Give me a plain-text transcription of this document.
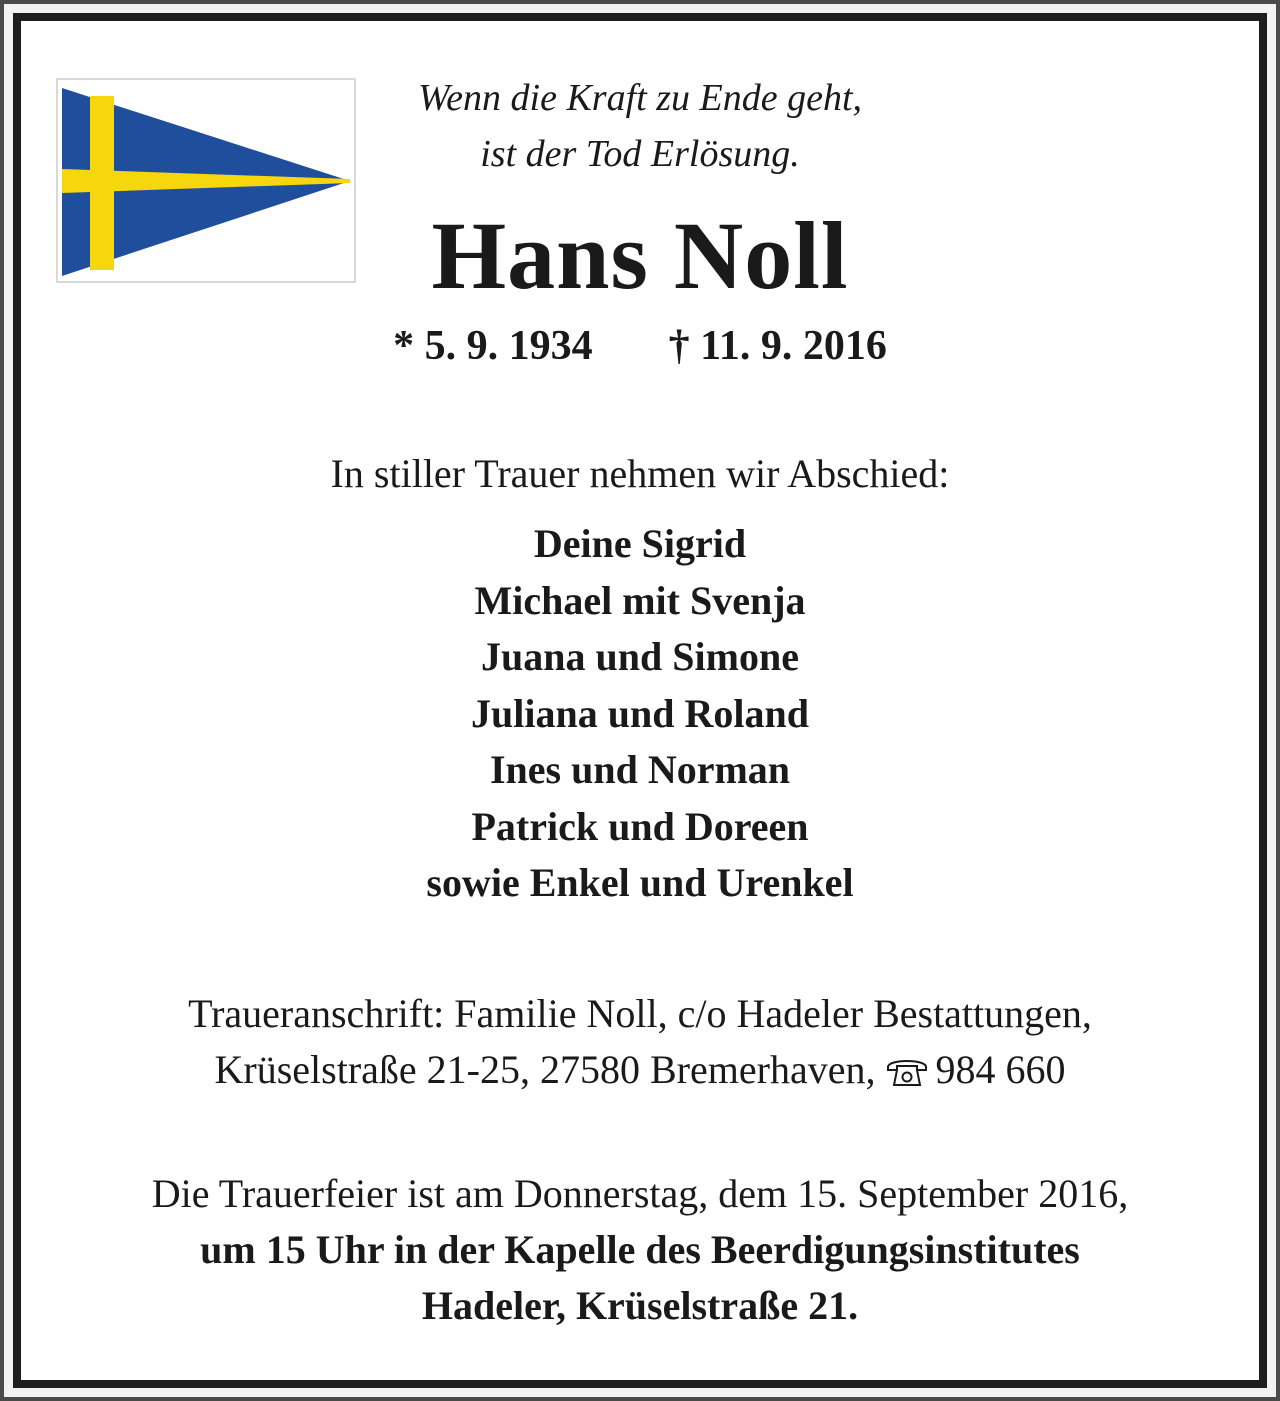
Wenn die Kraft zu Ende geht,
ist der Tod Erlösung.
Hans Noll
* 5. 9. 1934 † 11. 9. 2016
In stiller Trauer nehmen wir Abschied:
Deine Sigrid
Michael mit Svenja
Juana und Simone
Juliana und Roland
Ines und Norman
Patrick und Doreen
sowie Enkel und Urenkel
Traueranschrift: Familie Noll, c/o Hadeler Bestattungen,
Krüselstraße 21-25, 27580 Bremerhaven, 984 660
Die Trauerfeier ist am Donnerstag, dem 15. September 2016,
um 15 Uhr in der Kapelle des Beerdigungsinstitutes
Hadeler, Krüselstraße 21.
